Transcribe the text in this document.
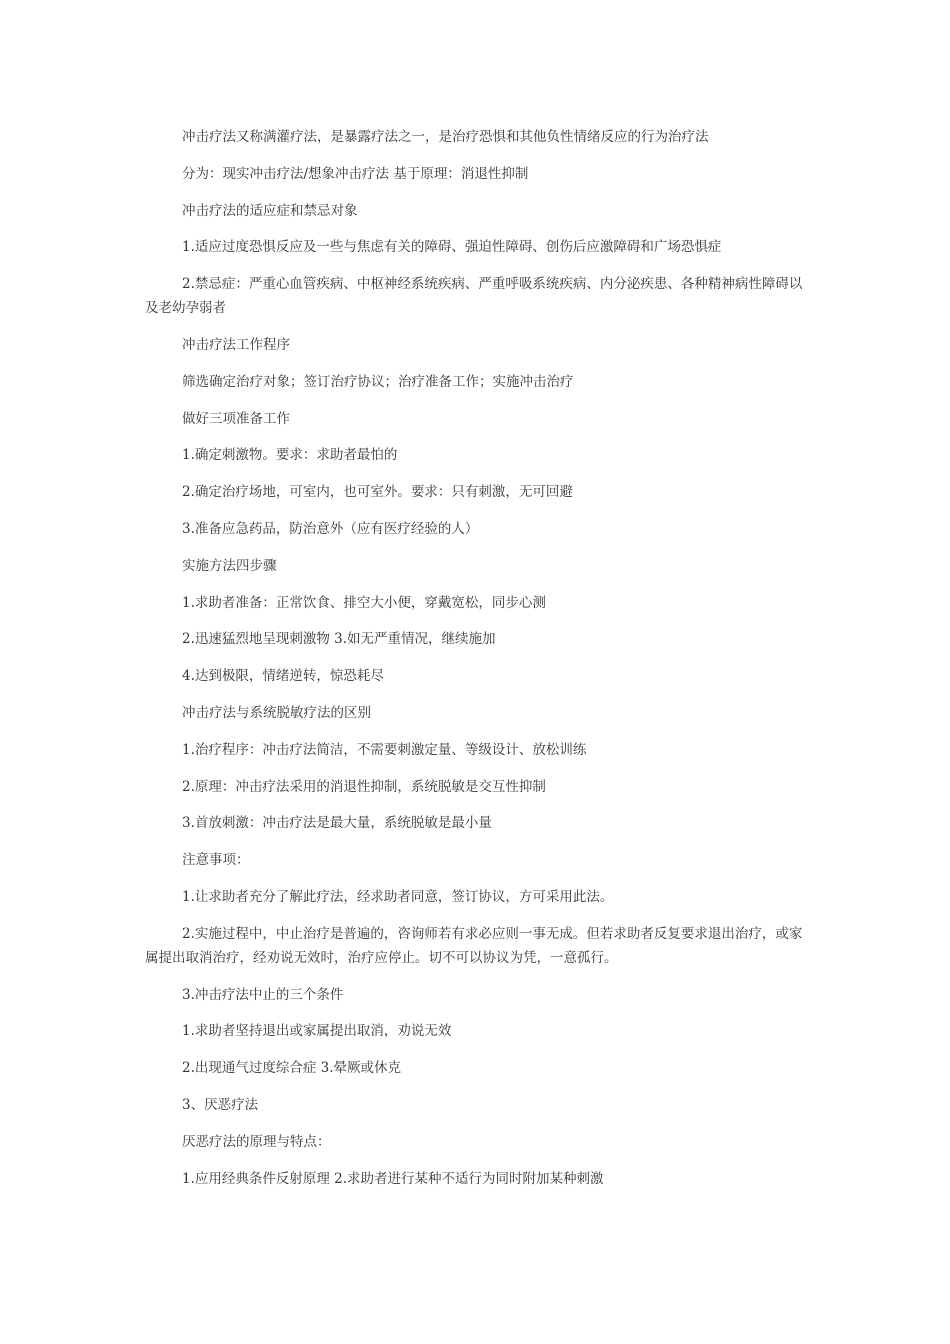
冲击疗法又称满灌疗法，是暴露疗法之一，是治疗恐惧和其他负性情绪反应的行为治疗法

分为：现实冲击疗法/想象冲击疗法 基于原理：消退性抑制

冲击疗法的适应症和禁忌对象

1.适应过度恐惧反应及一些与焦虑有关的障碍、强迫性障碍、创伤后应激障碍和广场恐惧症

2.禁忌症：严重心血管疾病、中枢神经系统疾病、严重呼吸系统疾病、内分泌疾患、各种精神病性障碍以及老幼孕弱者

冲击疗法工作程序

筛选确定治疗对象；签订治疗协议；治疗准备工作；实施冲击治疗

做好三项准备工作

1.确定刺激物。要求：求助者最怕的

2.确定治疗场地，可室内，也可室外。要求：只有刺激，无可回避

3.准备应急药品，防治意外（应有医疗经验的人）

实施方法四步骤

1.求助者准备：正常饮食、排空大小便，穿戴宽松，同步心测

2.迅速猛烈地呈现刺激物 3.如无严重情况，继续施加

4.达到极限，情绪逆转，惊恐耗尽

冲击疗法与系统脱敏疗法的区别

1.治疗程序：冲击疗法简洁，不需要刺激定量、等级设计、放松训练

2.原理：冲击疗法采用的消退性抑制，系统脱敏是交互性抑制

3.首放刺激：冲击疗法是最大量，系统脱敏是最小量

注意事项：

1.让求助者充分了解此疗法，经求助者同意，签订协议，方可采用此法。

2.实施过程中，中止治疗是普遍的，咨询师若有求必应则一事无成。但若求助者反复要求退出治疗，或家属提出取消治疗，经劝说无效时，治疗应停止。切不可以协议为凭，一意孤行。

3.冲击疗法中止的三个条件

1.求助者坚持退出或家属提出取消，劝说无效

2.出现通气过度综合症 3.晕厥或休克

3、厌恶疗法

厌恶疗法的原理与特点：

1.应用经典条件反射原理 2.求助者进行某种不适行为同时附加某种刺激
